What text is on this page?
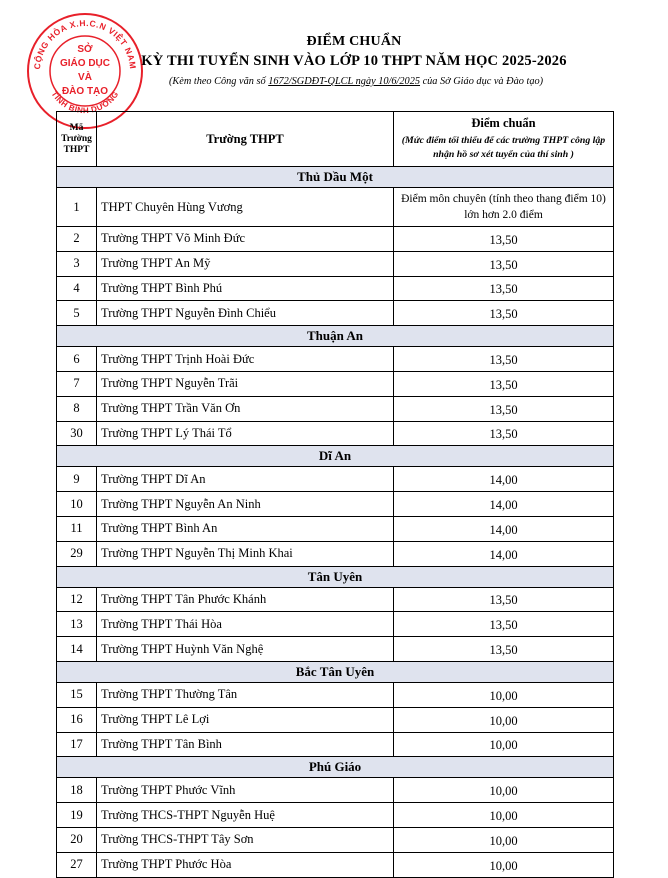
CỘNG HÒA X.H.C.N VIỆT NAM
TỈNH BÌNH DƯƠNG
SỞ
GIÁO DỤC
VÀ
ĐÀO TẠO
ĐIỂM CHUẨN
KỲ THI TUYỂN SINH VÀO LỚP 10 THPT NĂM HỌC 2025-2026
(Kèm theo Công văn số 1672/SGDĐT-QLCL ngày 10/6/2025 của Sở Giáo dục và Đào tạo)
Mã Trường THPT	Trường THPT	Điểm chuẩn
(Mức điểm tối thiểu để các trường THPT công lập nhận hồ sơ xét tuyển của thí sinh )

Thủ Dầu Một		
1	THPT Chuyên Hùng Vương	Điểm môn chuyên (tính theo thang điểm 10) lớn hơn 2.0 điểm
2	Trường THPT Võ Minh Đức	13,50
3	Trường THPT An Mỹ	13,50
4	Trường THPT Bình Phú	13,50
5	Trường THPT Nguyễn Đình Chiểu	13,50
Thuận An		
6	Trường THPT Trịnh Hoài Đức	13,50
7	Trường THPT Nguyễn Trãi	13,50
8	Trường THPT Trần Văn Ơn	13,50
30	Trường THPT Lý Thái Tổ	13,50
Dĩ An		
9	Trường THPT Dĩ An	14,00
10	Trường THPT Nguyễn An Ninh	14,00
11	Trường THPT Bình An	14,00
29	Trường THPT Nguyễn Thị Minh Khai	14,00
Tân Uyên		
12	Trường THPT Tân Phước Khánh	13,50
13	Trường THPT Thái Hòa	13,50
14	Trường THPT Huỳnh Văn Nghệ	13,50
Bắc Tân Uyên		
15	Trường THPT Thường Tân	10,00
16	Trường THPT Lê Lợi	10,00
17	Trường THPT Tân Bình	10,00
Phú Giáo		
18	Trường THPT Phước Vĩnh	10,00
19	Trường THCS-THPT Nguyễn Huệ	10,00
20	Trường THCS-THPT Tây Sơn	10,00
27	Trường THPT Phước Hòa	10,00
